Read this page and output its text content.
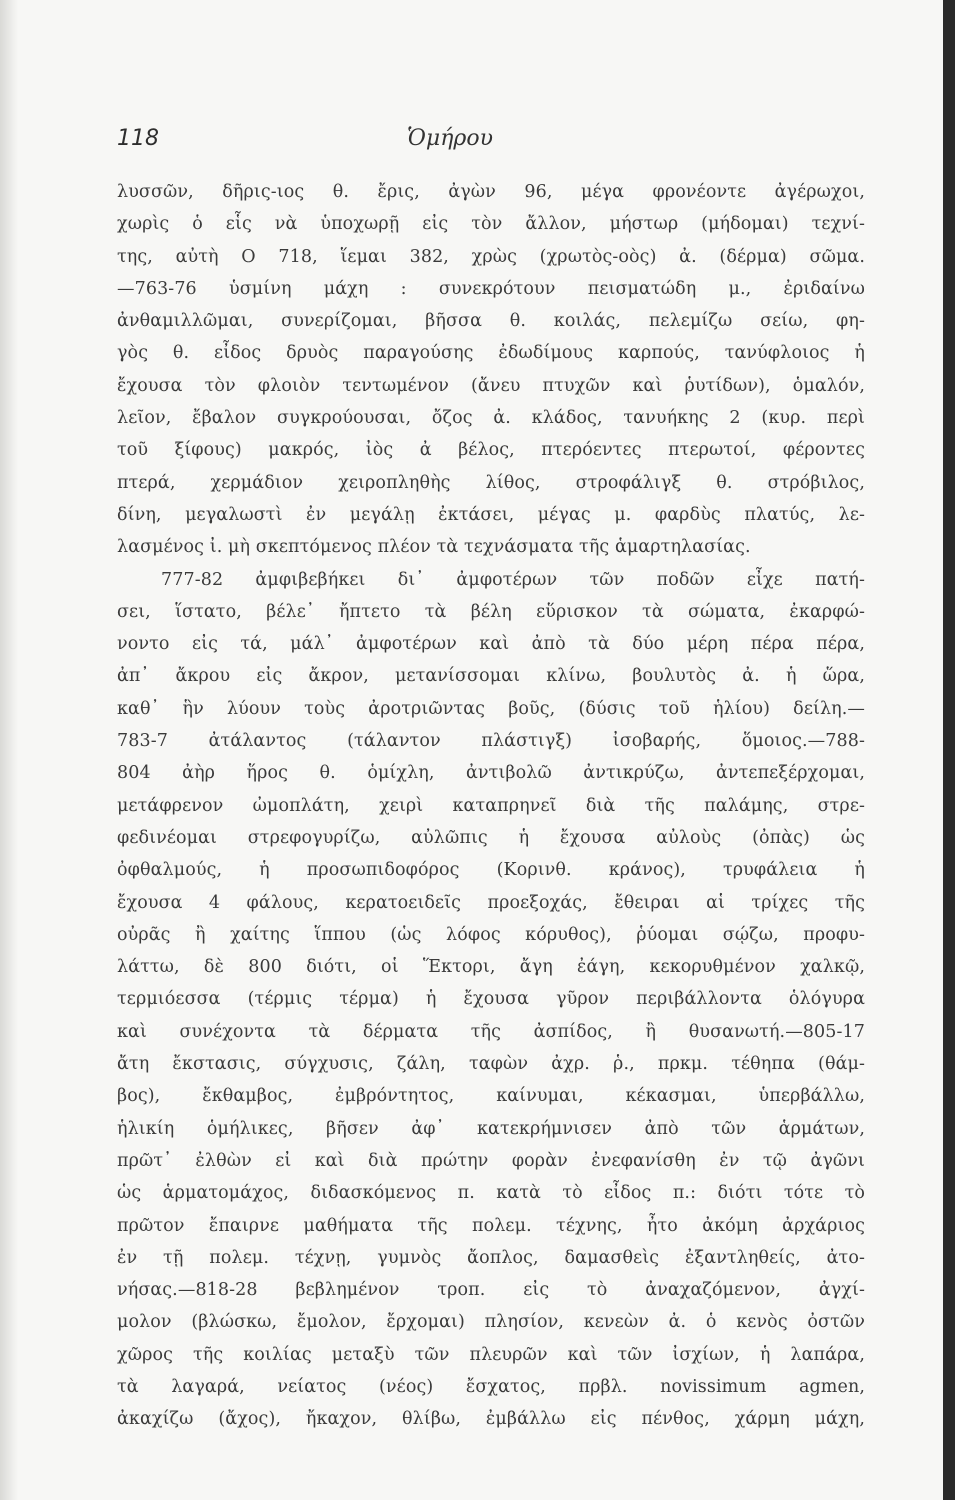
118	Ὁμήρου
λυσσῶν, δῆρις-ιος θ. ἔρις, ἀγὼν 96, μέγα φρονέοντε ἀγέρωχοι,
χωρὶς ὁ εἷς νὰ ὑποχωρῇ εἰς τὸν ἄλλον, μήστωρ (μήδομαι) τεχνί-
της, αὐτὴ Ο 718, ἵεμαι 382, χρὼς (χρωτὸς-οὸς) ἀ. (δέρμα) σῶμα.
—763-76 ὑσμίνη μάχη : συνεκρότουν πεισματώδη μ., ἐριδαίνω
ἀνθαμιλλῶμαι, συνερίζομαι, βῆσσα θ. κοιλάς, πελεμίζω σείω, φη-
γὸς θ. εἶδος δρυὸς παραγούσης ἐδωδίμους καρπούς, τανύφλοιος ἡ
ἔχουσα τὸν φλοιὸν τεντωμένον (ἄνευ πτυχῶν καὶ ῥυτίδων), ὁμαλόν,
λεῖον, ἔβαλον συγκρούουσαι, ὄζος ἀ. κλάδος, τανυήκης 2 (κυρ. περὶ
τοῦ ξίφους) μακρός, ἰὸς ἀ βέλος, πτερόεντες πτερωτοί, φέροντες
πτερά, χερμάδιον χειροπληθὴς λίθος, στροφάλιγξ θ. στρόβιλος,
δίνη, μεγαλωστὶ ἐν μεγάλῃ ἐκτάσει, μέγας μ. φαρδὺς πλατύς, λε-
λασμένος ἰ. μὴ σκεπτόμενος πλέον τὰ τεχνάσματα τῆς ἁμαρτηλασίας.
777-82 ἀμφιβεβήκει δι᾽ ἀμφοτέρων τῶν ποδῶν εἶχε πατή-
σει, ἵστατο, βέλε᾽ ἤπτετο τὰ βέλη εὕρισκον τὰ σώματα, ἐκαρφώ-
νοντο εἰς τά, μάλ᾽ ἀμφοτέρων καὶ ἀπὸ τὰ δύο μέρη πέρα πέρα,
ἀπ᾽ ἄκρου εἰς ἄκρον, μετανίσσομαι κλίνω, βουλυτὸς ἀ. ἡ ὥρα,
καθ᾽ ἣν λύουν τοὺς ἀροτριῶντας βοῦς, (δύσις τοῦ ἡλίου) δείλη.—
783-7 ἀτάλαντος (τάλαντον πλάστιγξ) ἰσοβαρής, ὅμοιος.—788-
804 ἀὴρ ἥρος θ. ὁμίχλη, ἀντιβολῶ ἀντικρύζω, ἀντεπεξέρχομαι,
μετάφρενον ὠμοπλάτη, χειρὶ καταπρηνεῖ διὰ τῆς παλάμης, στρε-
φεδινέομαι στρεφογυρίζω, αὐλῶπις ἡ ἔχουσα αὐλοὺς (ὀπὰς) ὡς
ὀφθαλμούς, ἡ προσωπιδοφόρος (Κορινθ. κράνος), τρυφάλεια ἡ
ἔχουσα 4 φάλους, κερατοειδεῖς προεξοχάς, ἔθειραι αἱ τρίχες τῆς
οὐρᾶς ἢ χαίτης ἵππου (ὡς λόφος κόρυθος), ῥύομαι σῴζω, προφυ-
λάττω, δὲ 800 διότι, οἱ Ἕκτορι, ἄγη ἐάγη, κεκορυθμένον χαλκῷ,
τερμιόεσσα (τέρμις τέρμα) ἡ ἔχουσα γῦρον περιβάλλοντα ὁλόγυρα
καὶ συνέχοντα τὰ δέρματα τῆς ἀσπίδος, ἢ θυσανωτή.—805-17
ἄτη ἔκστασις, σύγχυσις, ζάλη, ταφὼν ἀχρ. ῥ., πρκμ. τέθηπα (θάμ-
βος), ἔκθαμβος, ἐμβρόντητος, καίνυμαι, κέκασμαι, ὑπερβάλλω,
ἡλικίη ὁμήλικες, βῆσεν ἀφ᾽ κατεκρήμνισεν ἀπὸ τῶν ἁρμάτων,
πρῶτ᾽ ἐλθὼν εἰ καὶ διὰ πρώτην φορὰν ἐνεφανίσθη ἐν τῷ ἀγῶνι
ὡς ἁρματομάχος, διδασκόμενος π. κατὰ τὸ εἶδος π.: διότι τότε τὸ
πρῶτον ἔπαιρνε μαθήματα τῆς πολεμ. τέχνης, ἦτο ἀκόμη ἀρχάριος
ἐν τῇ πολεμ. τέχνῃ, γυμνὸς ἄοπλος, δαμασθεὶς ἐξαντληθείς, ἀτο-
νήσας.—818-28 βεβλημένον τροπ. εἰς τὸ ἀναχαζόμενον, ἀγχί-
μολον (βλώσκω, ἔμολον, ἔρχομαι) πλησίον, κενεὼν ἀ. ὁ κενὸς ὀστῶν
χῶρος τῆς κοιλίας μεταξὺ τῶν πλευρῶν καὶ τῶν ἰσχίων, ἡ λαπάρα,
τὰ λαγαρά, νείατος (νέος) ἔσχατος, πρβλ. novissimum agmen,
ἀκαχίζω (ἄχος), ἤκαχον, θλίβω, ἐμβάλλω εἰς πένθος, χάρμη μάχη,
